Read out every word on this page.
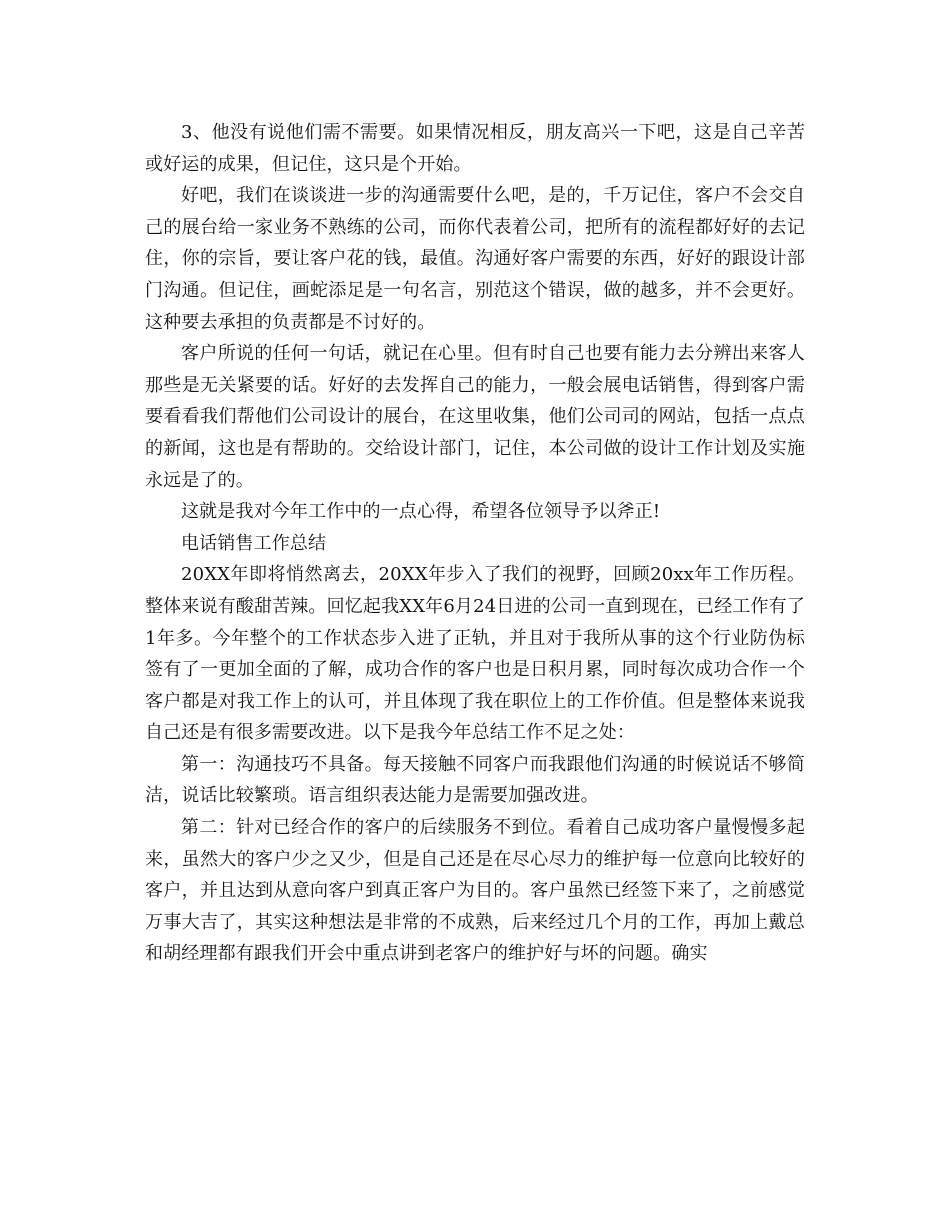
3、他没有说他们需不需要。如果情况相反，朋友高兴一下吧，这是自己辛苦或好运的成果，但记住，这只是个开始。

好吧，我们在谈谈进一步的沟通需要什么吧，是的，千万记住，客户不会交自己的展台给一家业务不熟练的公司，而你代表着公司，把所有的流程都好好的去记住，你的宗旨，要让客户花的钱，最值。沟通好客户需要的东西，好好的跟设计部门沟通。但记住，画蛇添足是一句名言，别范这个错误，做的越多，并不会更好。这种要去承担的负责都是不讨好的。

客户所说的任何一句话，就记在心里。但有时自己也要有能力去分辨出来客人那些是无关紧要的话。好好的去发挥自己的能力，一般会展电话销售，得到客户需要看看我们帮他们公司设计的展台，在这里收集，他们公司司的网站，包括一点点的新闻，这也是有帮助的。交给设计部门，记住，本公司做的设计工作计划及实施永远是了的。

这就是我对今年工作中的一点心得，希望各位领导予以斧正!

电话销售工作总结

20XX年即将悄然离去，20XX年步入了我们的视野，回顾20xx年工作历程。整体来说有酸甜苦辣。回忆起我XX年6月24日进的公司一直到现在，已经工作有了1年多。今年整个的工作状态步入进了正轨，并且对于我所从事的这个行业防伪标签有了一更加全面的了解，成功合作的客户也是日积月累，同时每次成功合作一个客户都是对我工作上的认可，并且体现了我在职位上的工作价值。但是整体来说我自己还是有很多需要改进。以下是我今年总结工作不足之处：

第一：沟通技巧不具备。每天接触不同客户而我跟他们沟通的时候说话不够简洁，说话比较繁琐。语言组织表达能力是需要加强改进。

第二：针对已经合作的客户的后续服务不到位。看着自己成功客户量慢慢多起来，虽然大的客户少之又少，但是自己还是在尽心尽力的维护每一位意向比较好的客户，并且达到从意向客户到真正客户为目的。客户虽然已经签下来了，之前感觉万事大吉了，其实这种想法是非常的不成熟，后来经过几个月的工作，再加上戴总和胡经理都有跟我们开会中重点讲到老客户的维护好与坏的问题。确实
